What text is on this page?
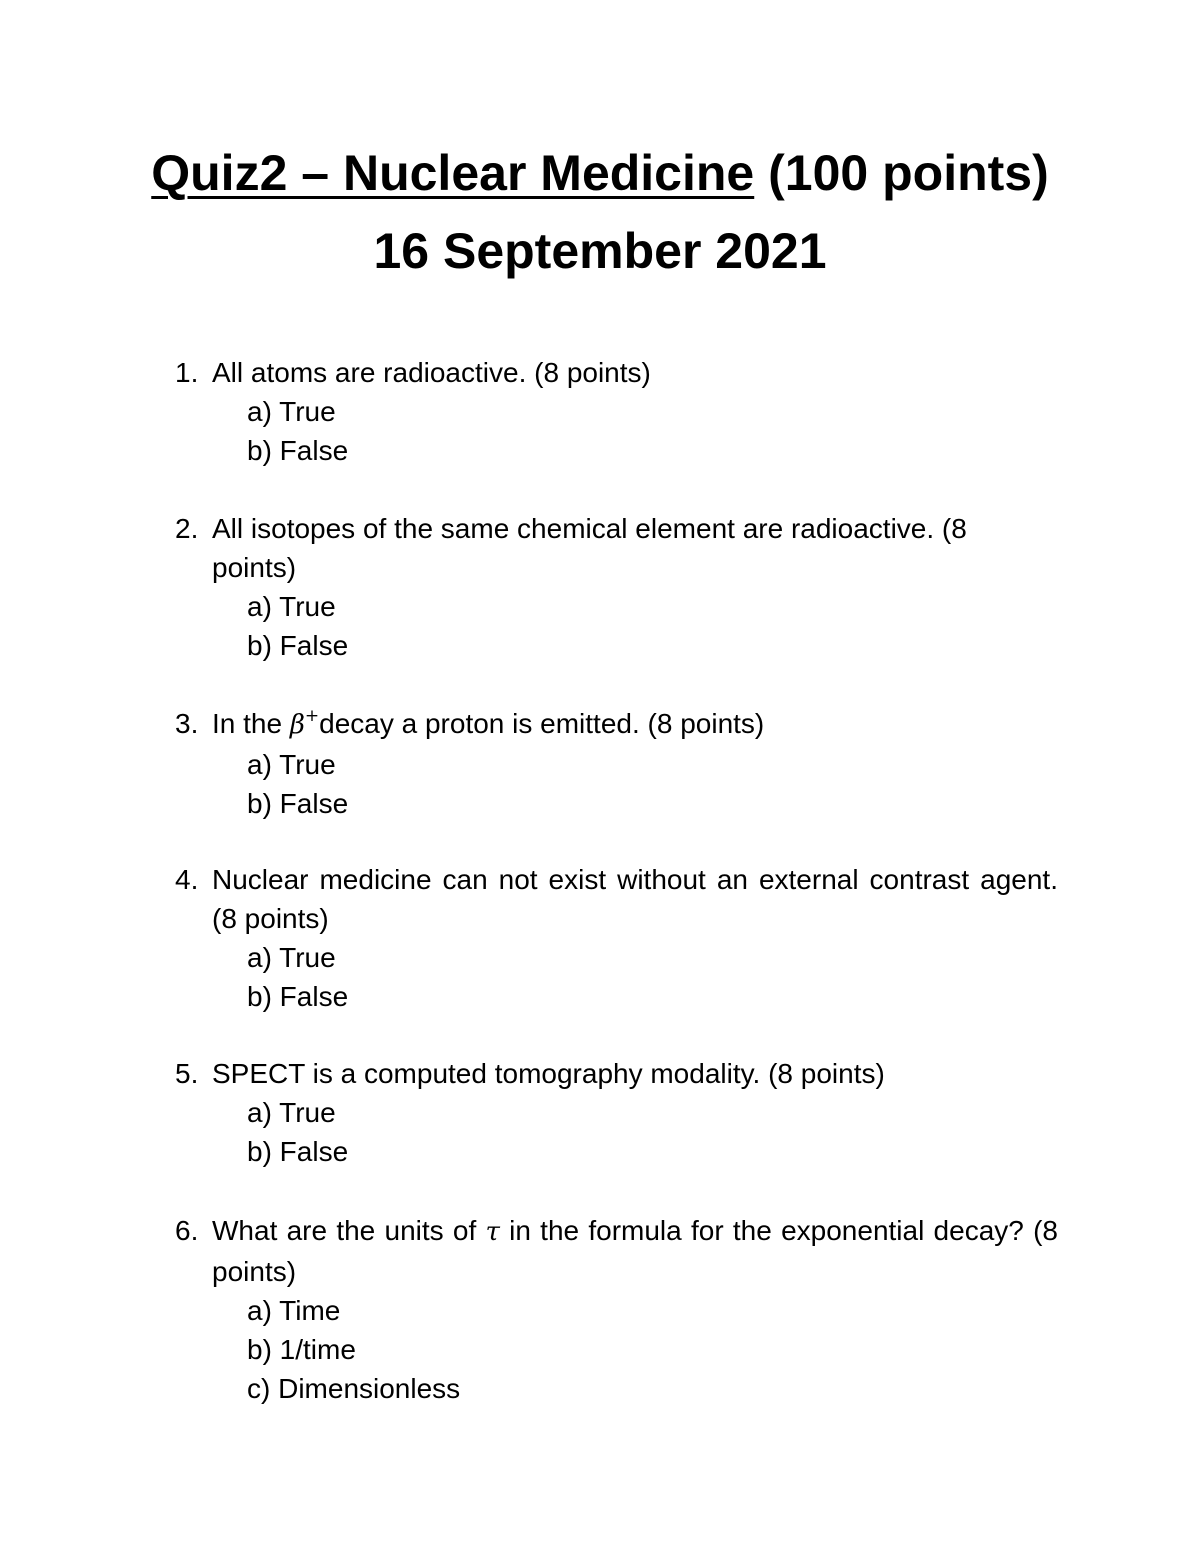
Quiz2 – Nuclear Medicine (100 points)
16 September 2021
1. All atoms are radioactive. (8 points)
a) True
b) False
2. All isotopes of the same chemical element are radioactive. (8 points)
a) True
b) False
3. In the β+decay a proton is emitted. (8 points)
a) True
b) False
4. Nuclear medicine can not exist without an external contrast agent. (8 points)
a) True
b) False
5. SPECT is a computed tomography modality. (8 points)
a) True
b) False
6. What are the units of τ in the formula for the exponential decay? (8 points)
a) Time
b) 1/time
c) Dimensionless
